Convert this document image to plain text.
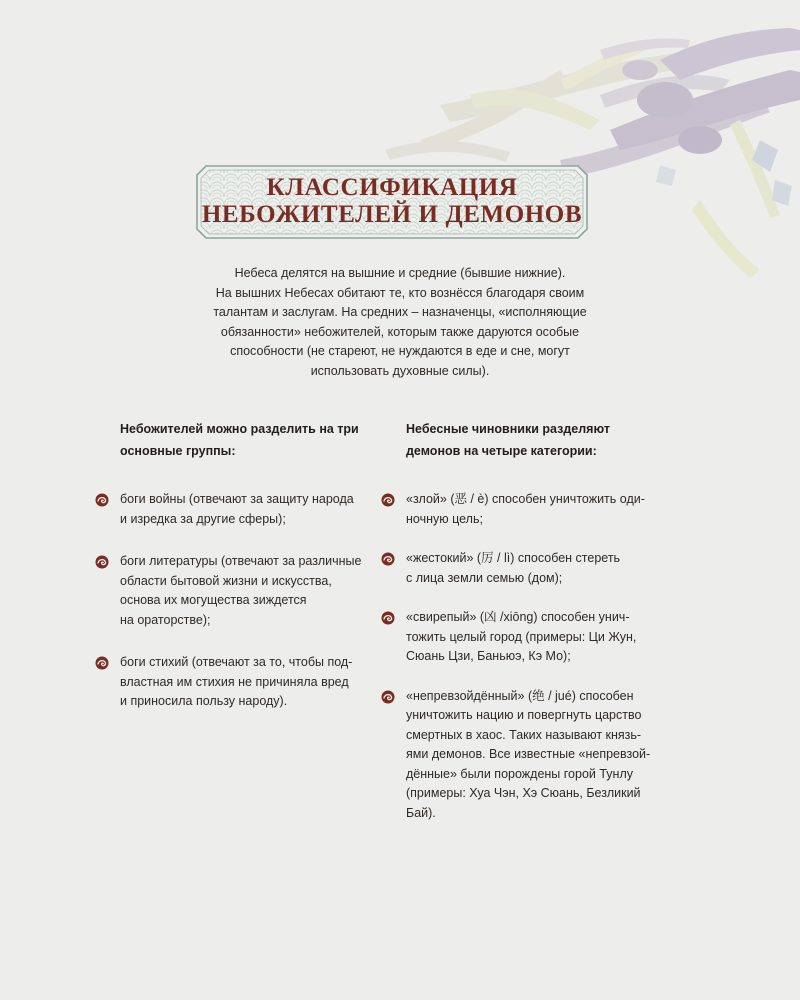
КЛАССИФИКАЦИЯ
НЕБОЖИТЕЛЕЙ И ДЕМОНОВ
Небеса делятся на вышние и средние (бывшие нижние).
На вышних Небесах обитают те, кто вознёсся благодаря своим
талантам и заслугам. На средних – назначенцы, «исполняющие
обязанности» небожителей, которым также даруются особые
способности (не стареют, не нуждаются в еде и сне, могут
использовать духовные силы).
Небожителей можно разделить на три
основные группы:
боги войны (отвечают за защиту народа
и изредка за другие сферы);
боги литературы (отвечают за различные
области бытовой жизни и искусства,
основа их могущества зиждется
на ораторстве);
боги стихий (отвечают за то, чтобы под-
властная им стихия не причиняла вред
и приносила пользу народу).
Небесные чиновники разделяют
демонов на четыре категории:
«злой» (恶 / è) способен уничтожить оди-
ночную цель;
«жестокий» (厉 / lì) способен стереть
с лица земли семью (дом);
«свирепый» (凶 /xiōng) способен унич-
тожить целый город (примеры: Ци Жун,
Сюань Цзи, Баньюэ, Кэ Мо);
«непревзойдённый» (绝 / jué) способен
уничтожить нацию и повергнуть царство
смертных в хаос. Таких называют князь-
ями демонов. Все известные «непревзой-
дённые» были порождены горой Тунлу
(примеры: Хуа Чэн, Хэ Сюань, Безликий
Бай).
